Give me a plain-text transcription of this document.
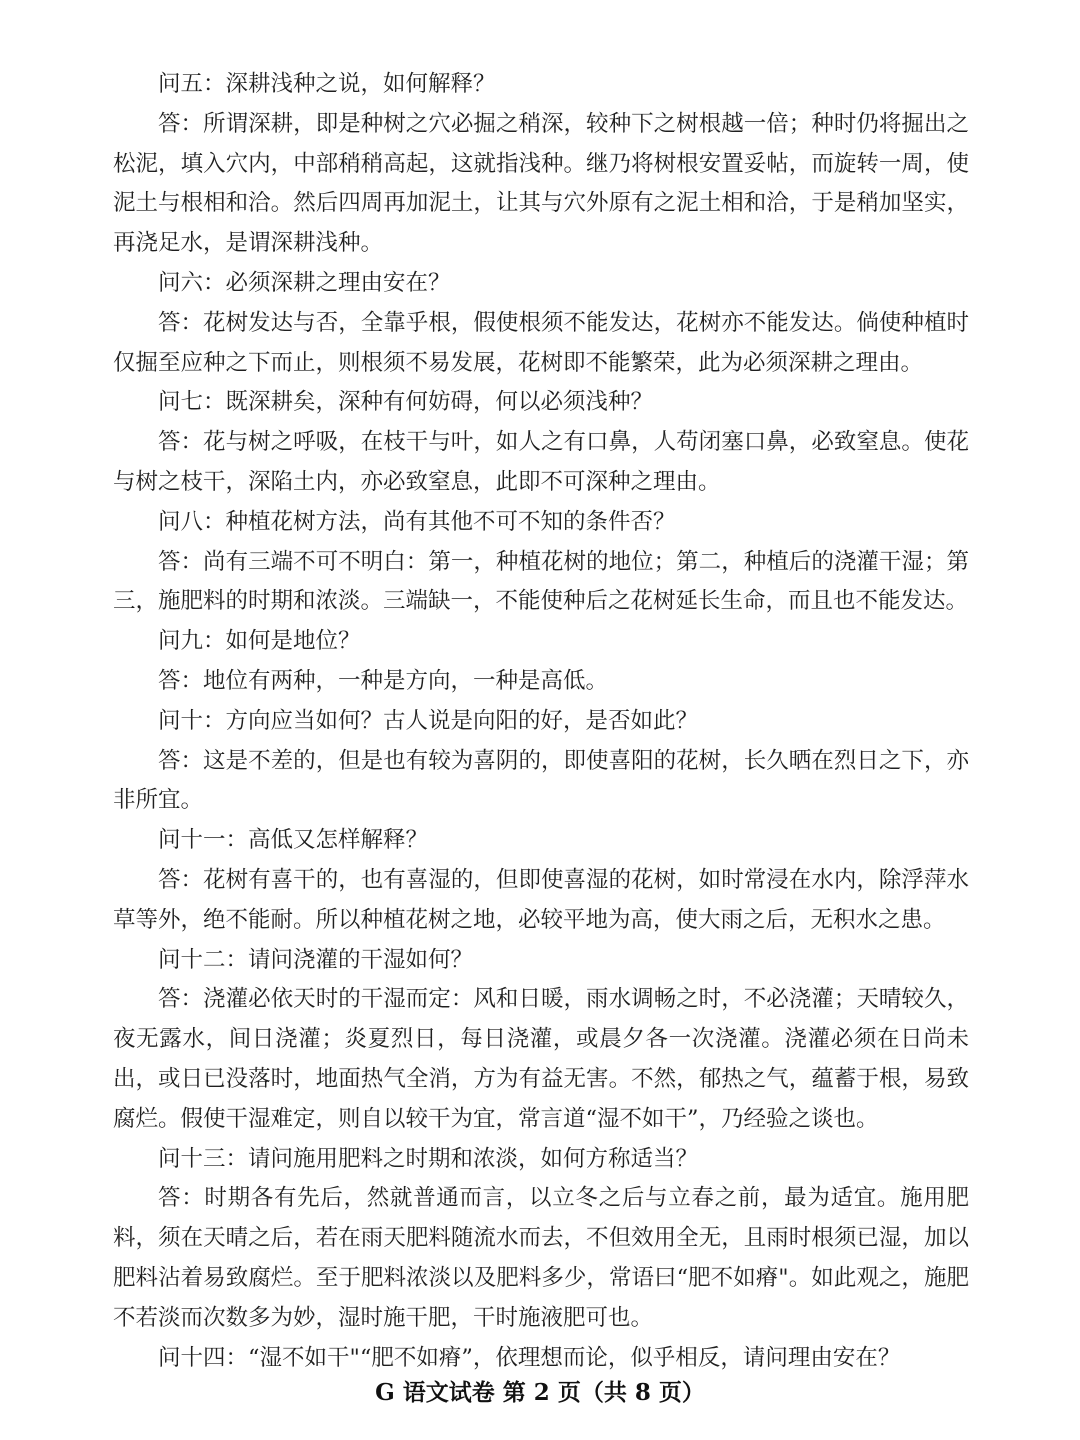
问五：深耕浅种之说，如何解释？

答：所谓深耕，即是种树之穴必掘之稍深，较种下之树根越一倍；种时仍将掘出之松泥，填入穴内，中部稍稍高起，这就指浅种。继乃将树根安置妥帖，而旋转一周，使泥土与根相和洽。然后四周再加泥土，让其与穴外原有之泥土相和洽，于是稍加坚实，再浇足水，是谓深耕浅种。

问六：必须深耕之理由安在？

答：花树发达与否，全靠乎根，假使根须不能发达，花树亦不能发达。倘使种植时仅掘至应种之下而止，则根须不易发展，花树即不能繁荣，此为必须深耕之理由。

问七：既深耕矣，深种有何妨碍，何以必须浅种？

答：花与树之呼吸，在枝干与叶，如人之有口鼻，人苟闭塞口鼻，必致窒息。使花与树之枝干，深陷土内，亦必致窒息，此即不可深种之理由。

问八：种植花树方法，尚有其他不可不知的条件否？

答：尚有三端不可不明白：第一，种植花树的地位；第二，种植后的浇灌干湿；第三，施肥料的时期和浓淡。三端缺一，不能使种后之花树延长生命，而且也不能发达。

问九：如何是地位？

答：地位有两种，一种是方向，一种是高低。

问十：方向应当如何？古人说是向阳的好，是否如此？

答：这是不差的，但是也有较为喜阴的，即使喜阳的花树，长久晒在烈日之下，亦非所宜。

问十一：高低又怎样解释？

答：花树有喜干的，也有喜湿的，但即使喜湿的花树，如时常浸在水内，除浮萍水草等外，绝不能耐。所以种植花树之地，必较平地为高，使大雨之后，无积水之患。

问十二：请问浇灌的干湿如何？

答：浇灌必依天时的干湿而定：风和日暖，雨水调畅之时，不必浇灌；天晴较久，夜无露水，间日浇灌；炎夏烈日，每日浇灌，或晨夕各一次浇灌。浇灌必须在日尚未出，或日已没落时，地面热气全消，方为有益无害。不然，郁热之气，蕴蓄于根，易致腐烂。假使干湿难定，则自以较干为宜，常言道“湿不如干”，乃经验之谈也。

问十三：请问施用肥料之时期和浓淡，如何方称适当？

答：时期各有先后，然就普通而言，以立冬之后与立春之前，最为适宜。施用肥料，须在天晴之后，若在雨天肥料随流水而去，不但效用全无，且雨时根须已湿，加以肥料沾着易致腐烂。至于肥料浓淡以及肥料多少，常语曰“肥不如瘠"。如此观之，施肥不若淡而次数多为妙，湿时施干肥，干时施液肥可也。

问十四：“湿不如干"“肥不如瘠”，依理想而论，似乎相反，请问理由安在？

G 语文试卷 第 2 页（共 8 页）
